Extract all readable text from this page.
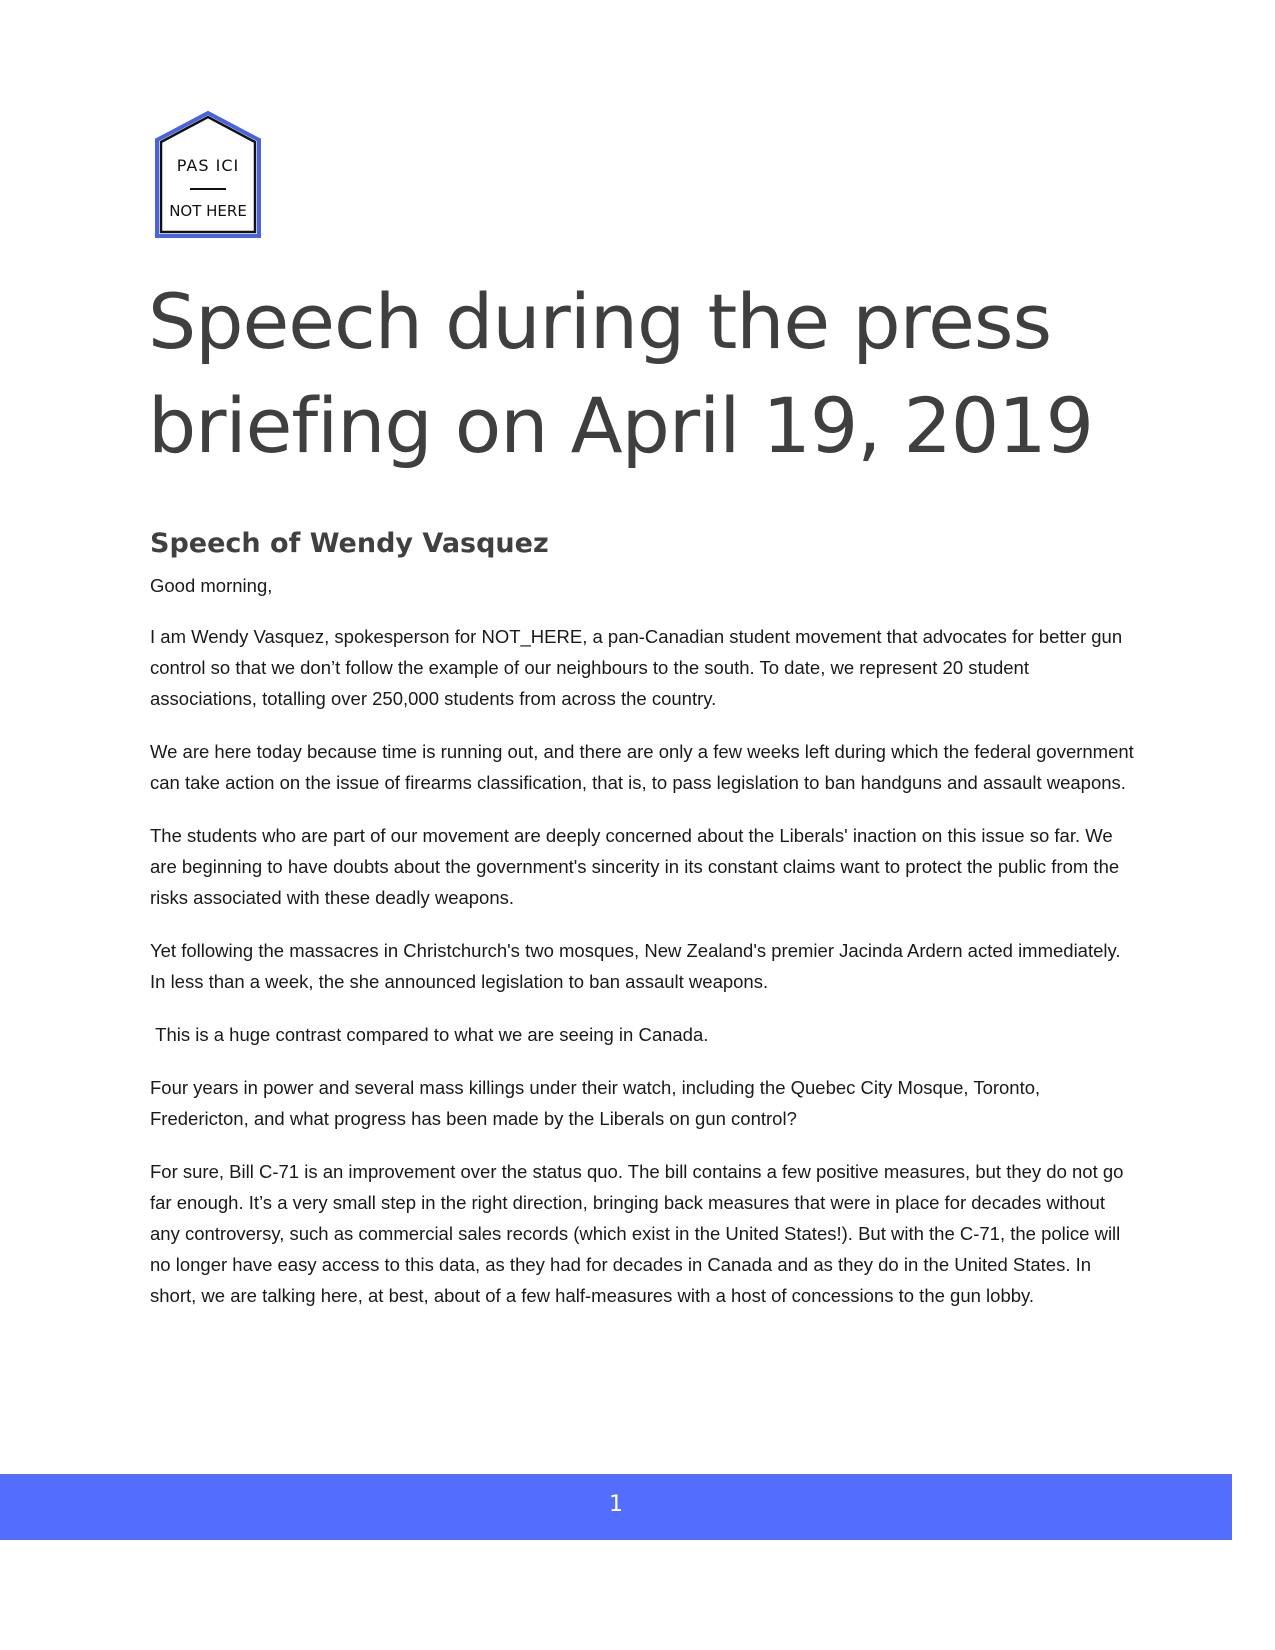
PAS ICI
NOT HERE
Speech during the press briefing on April 19, 2019
Speech of Wendy Vasquez

Good morning,

I am Wendy Vasquez, spokesperson for NOT_HERE, a pan-Canadian student movement that advocates for better gun control so that we don’t follow the example of our neighbours to the south. To date, we represent 20 student associations, totalling over 250,000 students from across the country.

We are here today because time is running out, and there are only a few weeks left during which the federal government can take action on the issue of firearms classification, that is, to pass legislation to ban handguns and assault weapons.

The students who are part of our movement are deeply concerned about the Liberals' inaction on this issue so far. We are beginning to have doubts about the government's sincerity in its constant claims want to protect the public from the risks associated with these deadly weapons.

Yet following the massacres in Christchurch's two mosques, New Zealand's premier Jacinda Ardern acted immediately. In less than a week, the she announced legislation to ban assault weapons.

This is a huge contrast compared to what we are seeing in Canada.

Four years in power and several mass killings under their watch, including the Quebec City Mosque, Toronto, Fredericton, and what progress has been made by the Liberals on gun control?

For sure, Bill C-71 is an improvement over the status quo. The bill contains a few positive measures, but they do not go far enough. It’s a very small step in the right direction, bringing back measures that were in place for decades without any controversy, such as commercial sales records (which exist in the United States!). But with the C-71, the police will no longer have easy access to this data, as they had for decades in Canada and as they do in the United States. In short, we are talking here, at best, about of a few half-measures with a host of concessions to the gun lobby.

1
